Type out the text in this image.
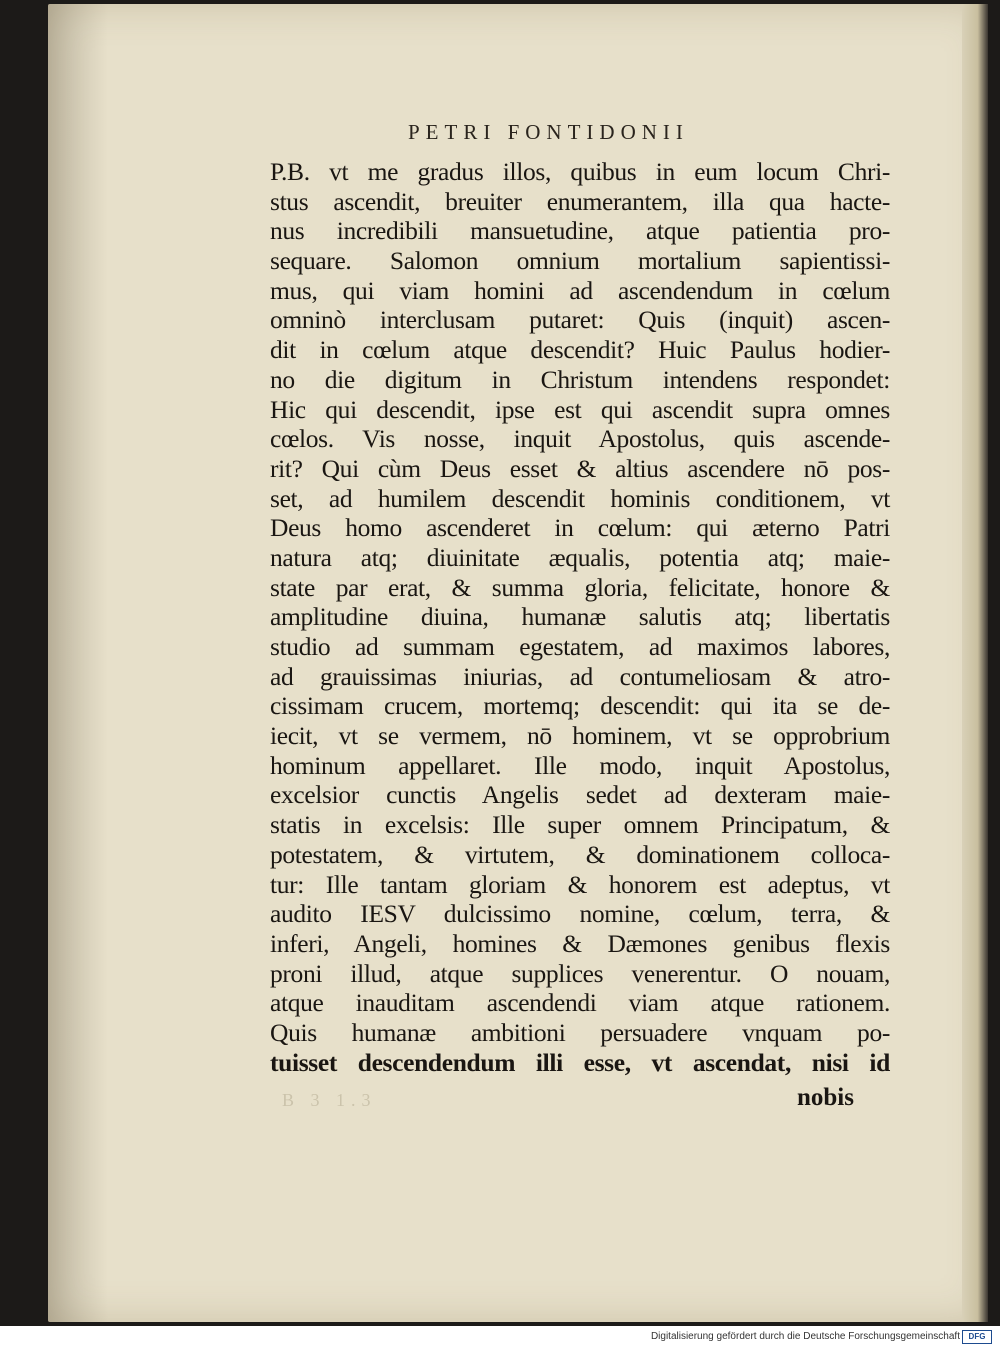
PETRI FONTIDONII
P.B. vt me gradus illos, quibus in eum locum Chri-
stus ascendit, breuiter enumerantem, illa qua hacte-
nus incredibili mansuetudine, atque patientia pro-
sequare. Salomon omnium mortalium sapientissi-
mus, qui viam homini ad ascendendum in cœlum
omninò interclusam putaret: Quis (inquit) ascen-
dit in cœlum atque descendit? Huic Paulus hodier-
no die digitum in Christum intendens respondet:
Hic qui descendit, ipse est qui ascendit supra omnes
cœlos. Vis nosse, inquit Apostolus, quis ascende-
rit? Qui cùm Deus esset & altius ascendere nō pos-
set, ad humilem descendit hominis conditionem, vt
Deus homo ascenderet in cœlum: qui æterno Patri
natura atq; diuinitate æqualis, potentia atq; maie-
state par erat, & summa gloria, felicitate, honore &
amplitudine diuina, humanæ salutis atq; libertatis
studio ad summam egestatem, ad maximos labores,
ad grauissimas iniurias, ad contumeliosam & atro-
cissimam crucem, mortemq; descendit: qui ita se de-
iecit, vt se vermem, nō hominem, vt se opprobrium
hominum appellaret. Ille modo, inquit Apostolus,
excelsior cunctis Angelis sedet ad dexteram maie-
statis in excelsis: Ille super omnem Principatum, &
potestatem, & virtutem, & dominationem colloca-
tur: Ille tantam gloriam & honorem est adeptus, vt
audito IESV dulcissimo nomine, cœlum, terra, &
inferi, Angeli, homines & Dæmones genibus flexis
proni illud, atque supplices venerentur. O nouam,
atque inauditam ascendendi viam atque rationem.
Quis humanæ ambitioni persuadere vnquam po-
tuisset descendendum illi esse, vt ascendat, nisi id
B 3 1.3	nobis
Digitalisierung gefördert durch die Deutsche Forschungsgemeinschaft	DFG
